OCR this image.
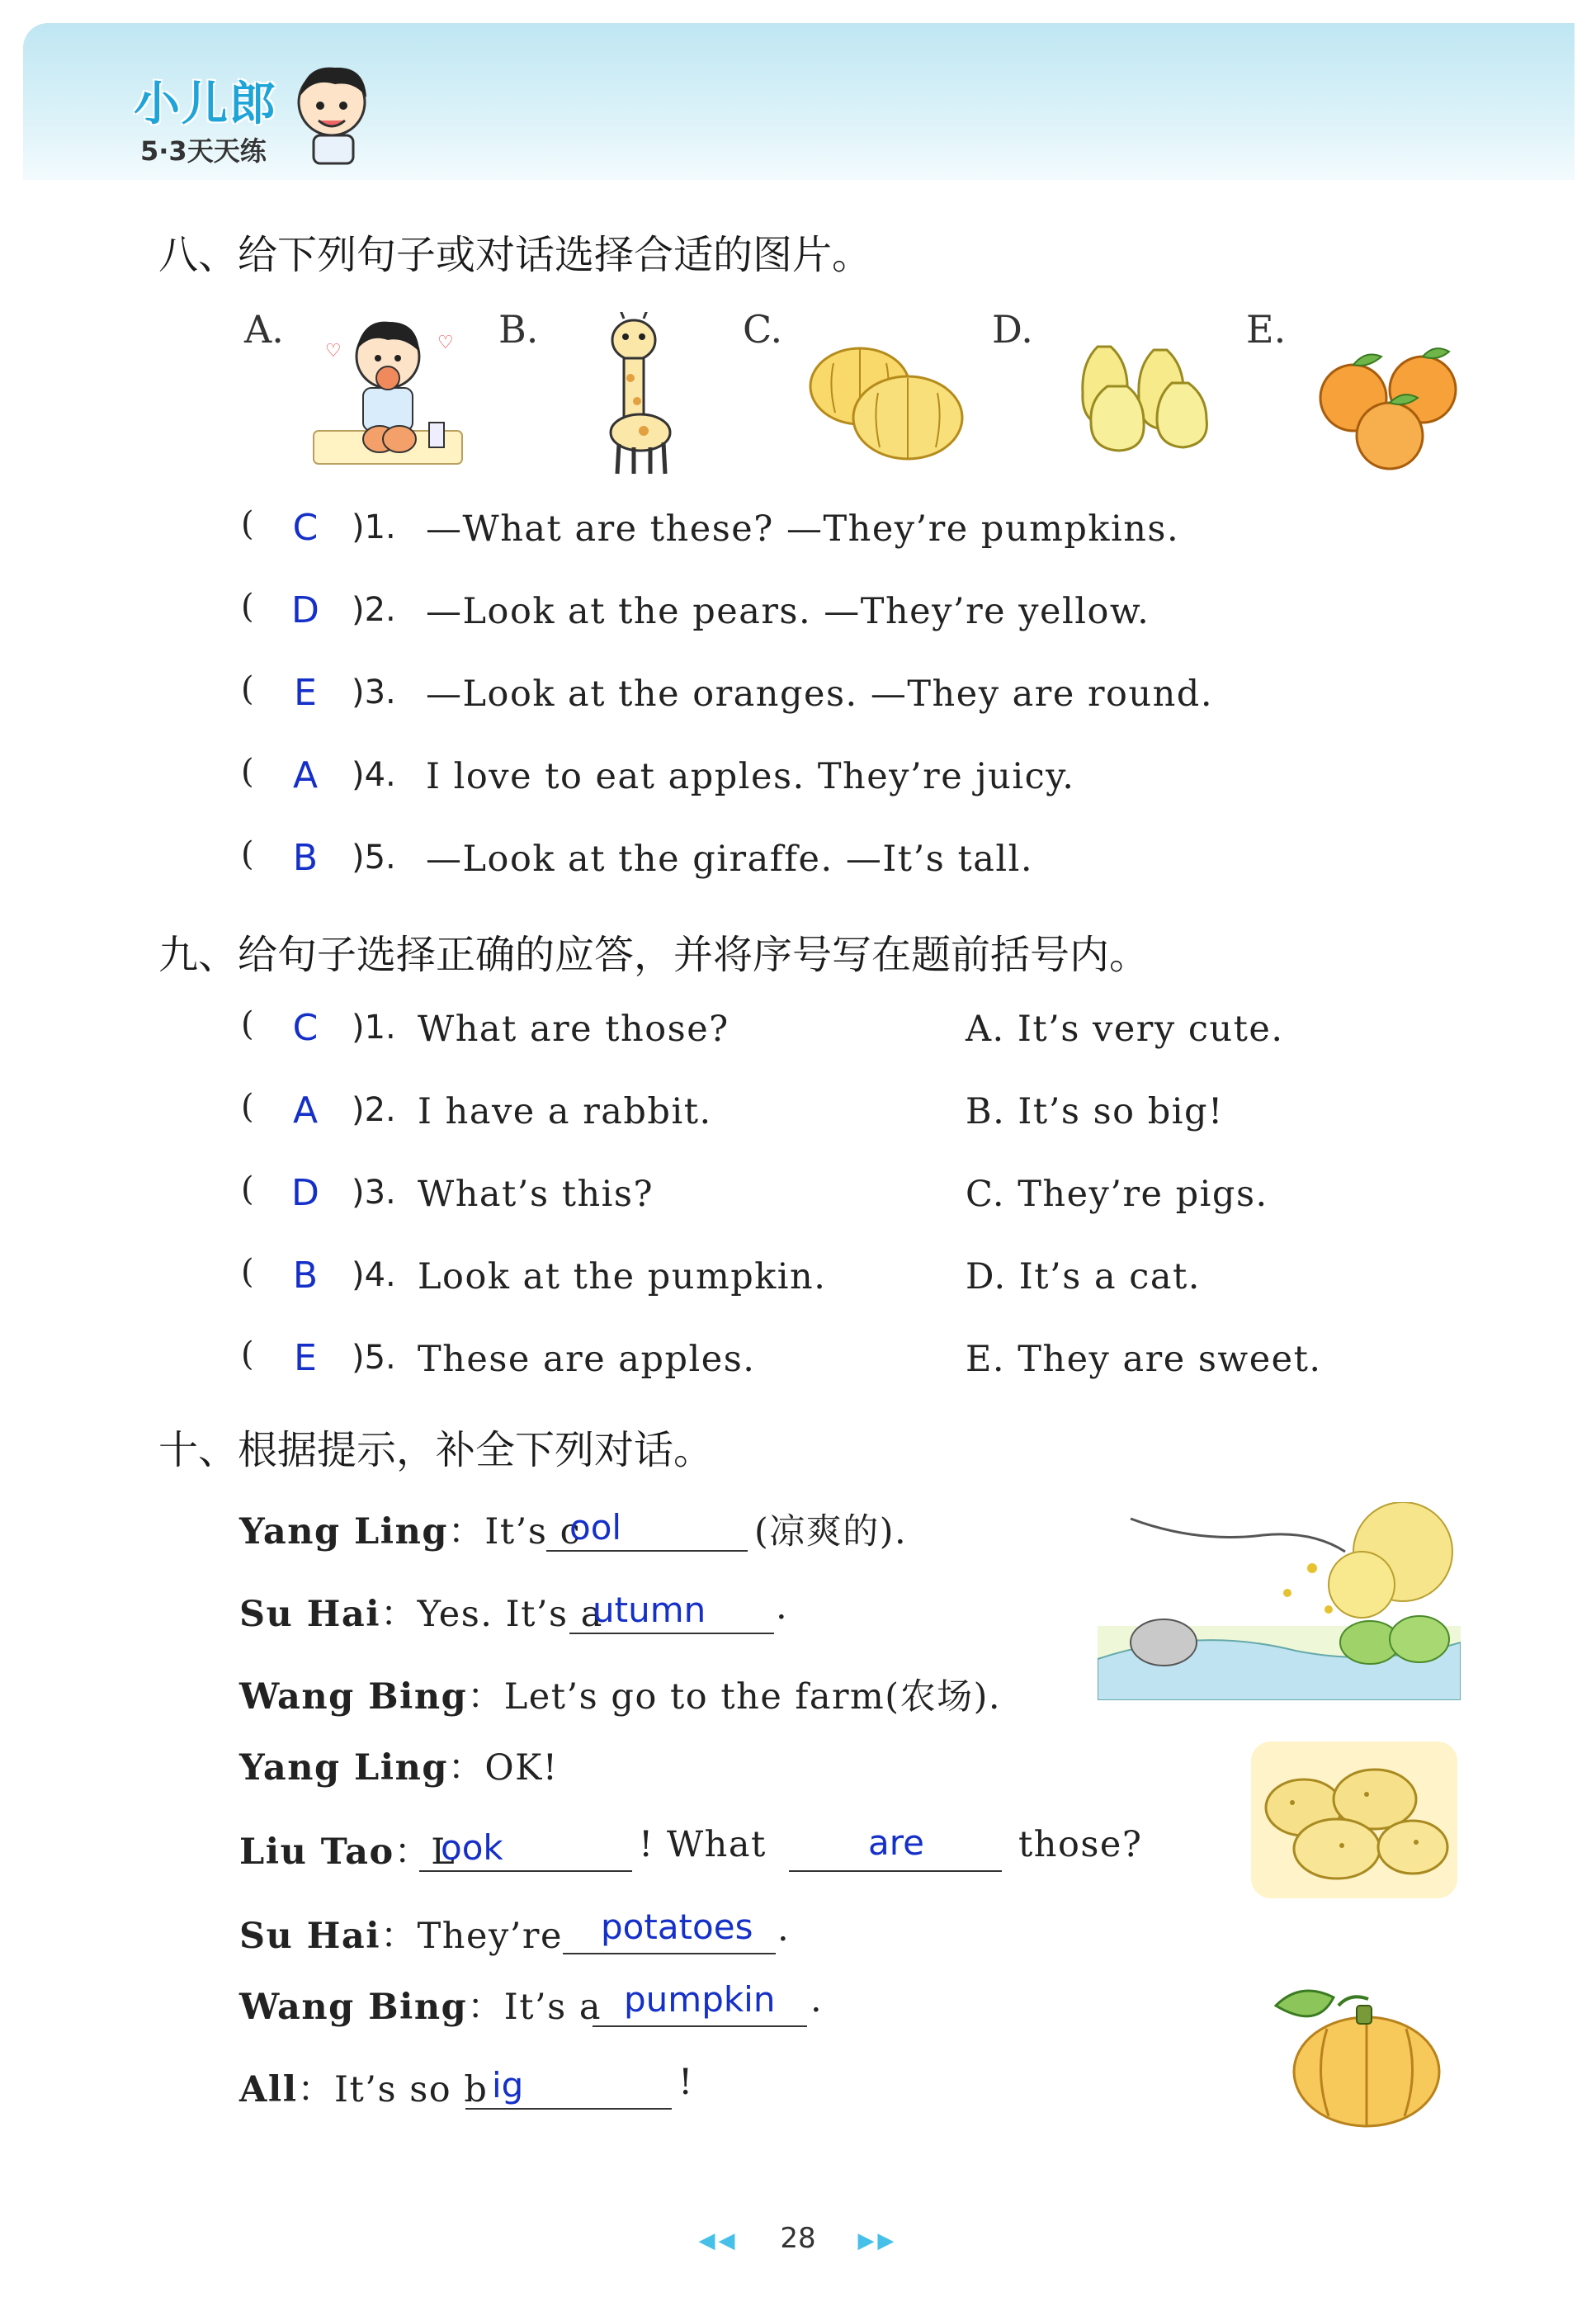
小儿郎
5·3天天练
八、给下列句子或对话选择合适的图片。
A. ♡	♡ B.	C.	D.	E.
(	C	)1. —What are these? —They’re pumpkins.
( D )2. —Look at the pears. —They’re yellow.
(	E	)3. —Look at the oranges. —They are round.
(	A	)4. I love to eat apples. They’re juicy.
(	B	)5. —Look at the giraffe. —It’s tall.
九、给句子选择正确的应答，并将序号写在题前括号内。
(	C	)1. What are those?	A. It’s very cute.
(	A	)2. I have a rabbit.	B. It’s so big!
( D )3. What’s this?	C. They’re pigs.
(	B	)4. Look at the pumpkin.	D. It’s a cat.
(	E	)5. These are apples.	E. They are sweet.
十、根据提示，补全下列对话。
Yang Ling：It’s c
ool	(凉爽的).
Su Hai：Yes. It’s a
utumn .
Wang Bing：Let’s go to the farm(农场).
Yang Ling：OK!
Liu Tao：L
ook	! What	are	those?
Su Hai：They’re potatoes .
Wang Bing：It’s a pumpkin .
All：It’s so b ig	!
◀◀ 28 ▶▶
